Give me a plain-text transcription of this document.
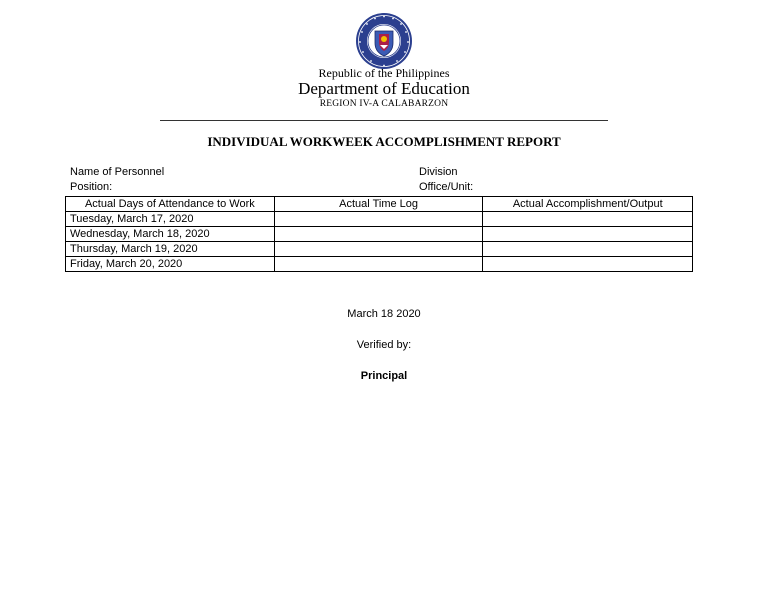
Republic of the Philippines
Department of Education
REGION IV-A CALABARZON
INDIVIDUAL WORKWEEK ACCOMPLISHMENT REPORT
Name of Personnel
Position:
Division
Office/Unit:
Actual Days of Attendance to Work	Actual Time Log	Actual Accomplishment/Output
Tuesday, March 17, 2020		
Wednesday, March 18, 2020		
Thursday, March 19, 2020		
Friday, March 20, 2020		
March 18 2020
Verified by:
Principal
